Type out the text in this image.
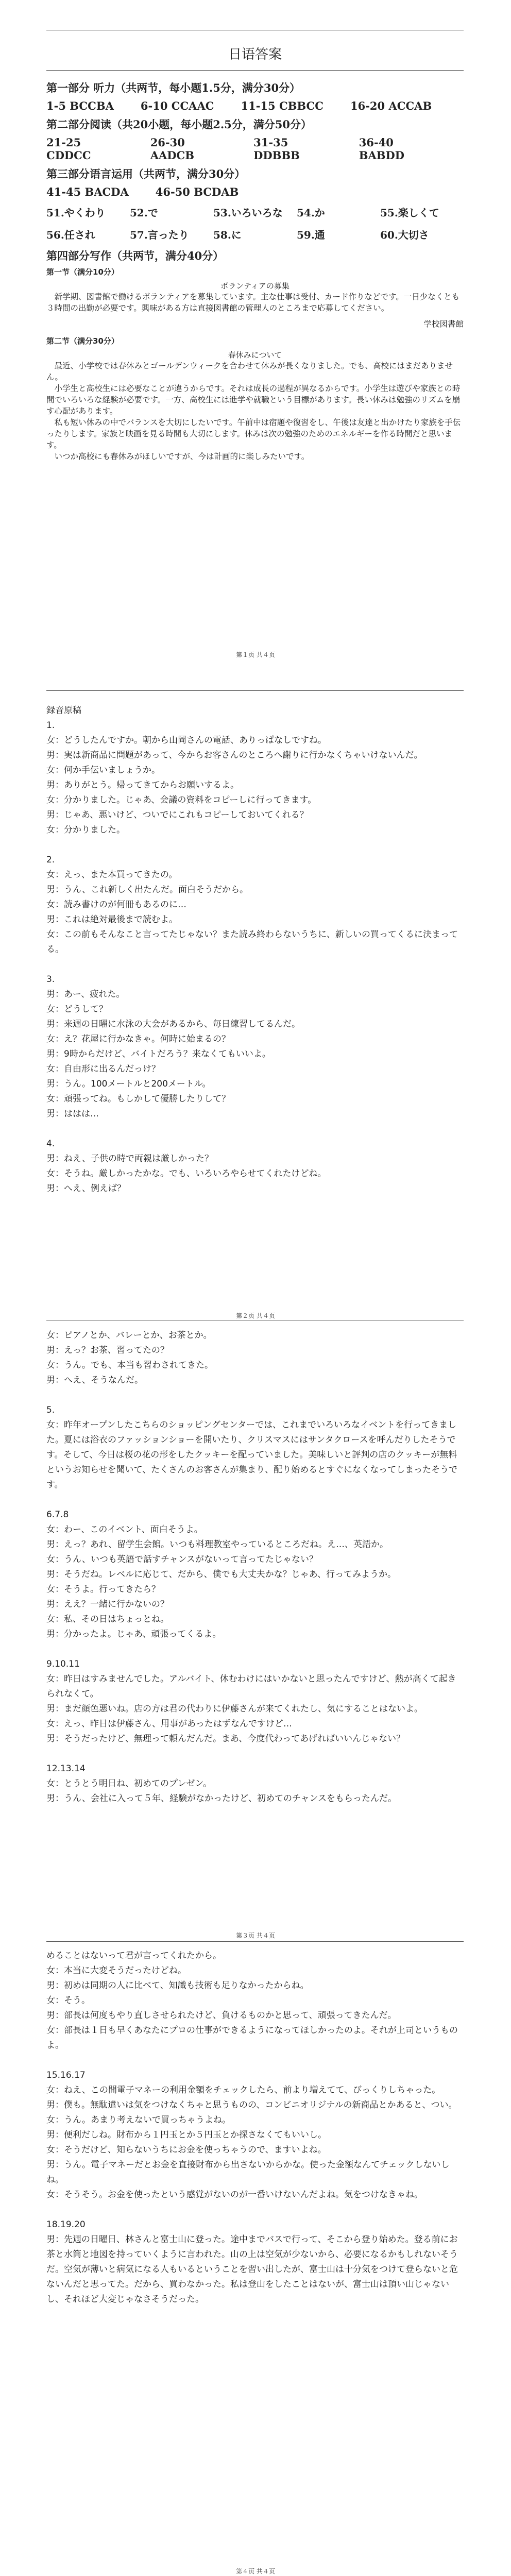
日语答案
第一部分 听力（共两节，每小题1.5分，满分30分）
1-5 BCCBA 6-10 CCAAC 11-15 CBBCC 16-20 ACCAB
第二部分阅读（共20小题，每小题2.5分，满分50分）
21-25 CDDCC
26-30 AADCB
31-35 DDBBB
36-40 BABDD
第三部分语言运用（共两节，满分30分）
41-45 BACDA 46-50 BCDAB
51.やくわり	52.で	53.いろいろな	54.か	55.楽しくて
56.任され	57.言ったり	58.に	59.通	60.大切さ
第四部分写作（共两节，满分40分）
第一节（满分10分）
ボランティアの募集

新学期、図書館で働けるボランティアを募集しています。主な仕事は受付、カード作りなどです。一日少なくとも３時間の出勤が必要です。興味がある方は直接図書館の管理人のところまで応募してください。

学校図書館
第二节（满分30分）
春休みについて

最近、小学校では春休みとゴールデンウィークを合わせて休みが長くなりました。でも、高校にはまだありません。

小学生と高校生には必要なことが違うからです。それは成長の過程が異なるからです。小学生は遊びや家族との時間でいろいろな経験が必要です。一方、高校生には進学や就職という目標があります。長い休みは勉強のリズムを崩す心配があります。

私も短い休みの中でバランスを大切にしたいです。午前中は宿題や復習をし、午後は友達と出かけたり家族を手伝ったりします。家族と映画を見る時間も大切にします。休みは次の勉強のためのエネルギーを作る時間だと思います。

いつか高校にも春休みがほしいですが、今は計画的に楽しみたいです。

第１页 共４页
録音原稿

1.

女：どうしたんですか。朝から山岡さんの電話、ありっぱなしですね。

男：実は新商品に問題があって、今からお客さんのところへ謝りに行かなくちゃいけないんだ。

女：何か手伝いましょうか。

男：ありがとう。帰ってきてからお願いするよ。

女：分かりました。じゃあ、会議の資料をコピーしに行ってきます。

男：じゃあ、悪いけど、ついでにこれもコピーしておいてくれる？

女：分かりました。

2.

女：えっ、また本買ってきたの。

男：うん、これ新しく出たんだ。面白そうだから。

女：読み書けのが何冊もあるのに…

男：これは絶対最後まで読むよ。

女：この前もそんなこと言ってたじゃない？また読み終わらないうちに、新しいの買ってくるに決まってる。

3.

男：あー、疲れた。

女：どうして？

男：来週の日曜に水泳の大会があるから、毎日練習してるんだ。

女：え？花屋に行かなきゃ。何時に始まるの？

男：9時からだけど、バイトだろう？来なくてもいいよ。

女：自由形に出るんだっけ？

男：うん。100メートルと200メートル。

女：頑張ってね。もしかして優勝したりして？

男：ははは…

4.

男：ねえ、子供の時で両親は厳しかった？

女：そうね。厳しかったかな。でも、いろいろやらせてくれたけどね。

男：へえ、例えば？

第２页 共４页

女：ピアノとか、バレーとか、お茶とか。

男：えっ？お茶、習ってたの？

女：うん。でも、本当も習わされてきた。

男：へえ、そうなんだ。

5.

女：昨年オープンしたこちらのショッピングセンターでは、これまでいろいろなイベントを行ってきました。夏には浴衣のファッションショーを開いたり、クリスマスにはサンタクロースを呼んだりしたそうです。そして、今日は桜の花の形をしたクッキーを配っていました。美味しいと評判の店のクッキーが無料というお知らせを聞いて、たくさんのお客さんが集まり、配り始めるとすぐになくなってしまったそうです。

6.7.8

女：わー、このイベント、面白そうよ。

男：えっ？あれ、留学生会館。いつも料理教室やっているところだね。え…、英語か。

女：うん、いつも英語で話すチャンスがないって言ってたじゃない？

男：そうだね。レベルに応じて、だから、僕でも大丈夫かな？じゃあ、行ってみようか。

女：そうよ。行ってきたら？

男：ええ？一緒に行かないの？

女：私、その日はちょっとね。

男：分かったよ。じゃあ、頑張ってくるよ。

9.10.11

女：昨日はすみませんでした。アルバイト、休むわけにはいかないと思ったんですけど、熱が高くて起きられなくて。

男：まだ顔色悪いね。店の方は君の代わりに伊藤さんが来てくれたし、気にすることはないよ。

女：えっ、昨日は伊藤さん、用事があったはずなんですけど…

男：そうだったけど、無理って頼んだんだ。まあ、今度代わってあげればいいんじゃない？

12.13.14

女：とうとう明日ね、初めてのプレゼン。

男：うん、会社に入って５年、経験がなかったけど、初めてのチャンスをもらったんだ。

第３页 共４页

めることはないって君が言ってくれたから。

女：本当に大変そうだったけどね。

男：初めは同期の人に比べて、知識も技術も足りなかったからね。

女：そう。

男：部長は何度もやり直しさせられたけど、負けるものかと思って、頑張ってきたんだ。

女：部長は１日も早くあなたにプロの仕事ができるようになってほしかったのよ。それが上司というものよ。

15.16.17

女：ねえ、この間電子マネーの利用金額をチェックしたら、前より増えてて、びっくりしちゃった。

男：僕も。無駄遣いは気をつけなくちゃと思うものの、コンビニオリジナルの新商品とかあると、つい。

女：うん。あまり考えないで買っちゃうよね。

男：便利だしね。財布から１円玉とか５円玉とか探さなくてもいいし。

女：そうだけど、知らないうちにお金を使っちゃうので、ますいよね。

男：うん。電子マネーだとお金を直接財布から出さないからかな。使った金額なんてチェックしないしね。

女：そうそう。お金を使ったという感覚がないのが一番いけないんだよね。気をつけなきゃね。

18.19.20

男：先週の日曜日、林さんと富士山に登った。途中までバスで行って、そこから登り始めた。登る前にお茶と水筒と地図を持っていくように言われた。山の上は空気が少ないから、必要になるかもしれないそうだ。空気が薄いと病気になる人もいるということを習い出したが、富士山は十分気をつけて登らないと危ないんだと思ってた。だから、買わなかった。私は登山をしたことはないが、富士山は頂い山じゃないし、それほど大変じゃなさそうだった。

第４页 共４页
